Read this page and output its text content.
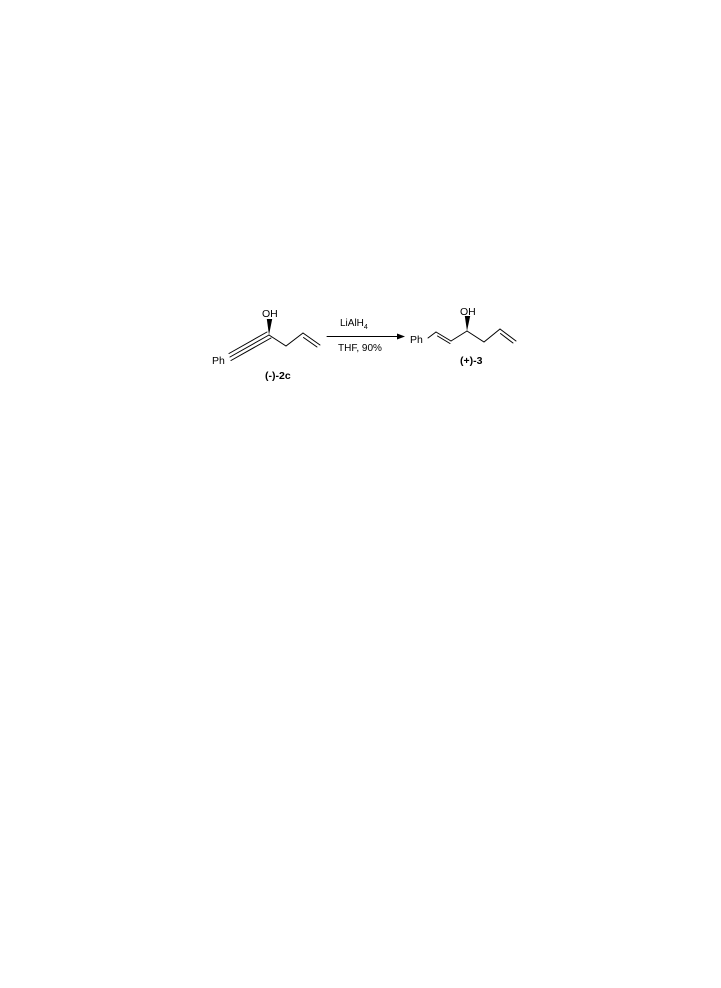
Ph
OH
(-)-2c
LiAlH$_4$
THF, 90%
Ph
OH
(+)-3
